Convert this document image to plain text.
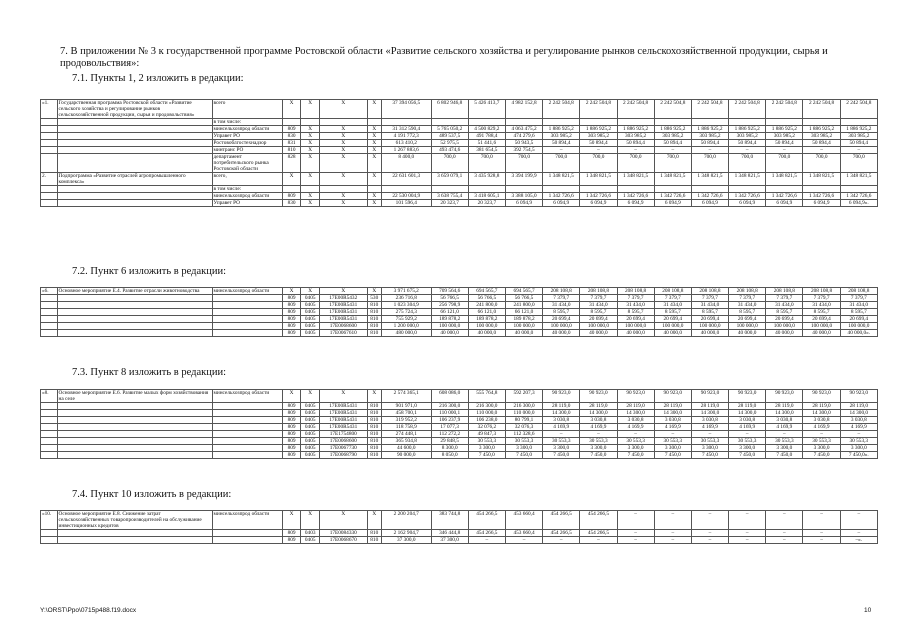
7. В приложении № 3 к государственной программе Ростовской области «Развитие сельского хозяйства и регулирование рынков сельскохозяйственной продукции, сырья и продовольствия»:
7.1. Пункты 1, 2 изложить в редакции:
«1.	Государственная программа Ростовской области «Развитие сельского хозяйства и регулирование рынков сельскохозяйственной продукции, сырья и продовольствия»	всего	X	X	X	X	37 394 056,5	6 802 946,8	5 426 413,7	4 982 152,8	2 242 504,8	2 242 504,8	2 242 504,8	2 242 504,8	2 242 504,8	2 242 504,8	2 242 504,8	2 242 504,8	2 242 504,8
		в том числе:																	
		минсельхозпрод области	809	X	X	X	31 312 590,4	5 765 050,2	4 500 829,2	4 063 475,2	1 886 925,2	1 886 925,2	1 886 925,2	1 886 925,2	1 886 925,2	1 886 925,2	1 886 925,2	1 886 925,2	1 886 925,2
		Управет РО	830	X	X	X	4 191 772,3	489 537,5	491 788,4	474 279,6	303 985,2	303 985,2	303 985,2	303 985,2	303 985,2	303 985,2	303 985,2	303 985,2	303 985,2
		Ростовоблгостехнадзор	831	X	X	X	613 410,2	52 975,5	51 441,6	50 943,5	50 894,4	50 894,4	50 894,4	50 894,4	50 894,4	50 894,4	50 894,4	50 894,4	50 894,4
		минтранс РО	810	X	X	X	1 267 883,6	493 474,6	381 654,5	392 754,5	–	–	–	–	–	–	–	–	–
		департамент потребительского рынка Ростовской области	828	X	X	X	8 400,0	700,0	700,0	700,0	700,0	700,0	700,0	700,0	700,0	700,0	700,0	700,0	700,0
2.	Подпрограмма «Развитие отраслей агропромышленного комплекса»	всего,	X	X	X	X	22 631 601,3	3 659 079,1	3 435 928,8	3 394 199,9	1 348 821,5	1 348 821,5	1 348 821,5	1 348 821,5	1 348 821,5	1 348 821,5	1 348 821,5	1 348 821,5	1 348 821,5
		в том числе:																	
		минсельхозпрод области	809	X	X	X	22 530 004,9	3 638 755,4	3 418 605,1	3 388 105,0	1 342 726,6	1 342 726,6	1 342 726,6	1 342 726,6	1 342 726,6	1 342 726,6	1 342 726,6	1 342 726,6	1 342 726,6
		Управет РО	830	X	X	X	101 596,4	20 323,7	20 323,7	6 094,9	6 094,9	6 094,9	6 094,9	6 094,9	6 094,9	6 094,9	6 094,9	6 094,9	6 094,9».
7.2. Пункт 6 изложить в редакции:
«6.	Основное мероприятие Е.4. Развитие отрасли животноводства	минсельхозпрод области	X	X	X	X	3 971 675,2	709 564,6	694 565,7	694 565,7	208 108,8	208 108,8	208 108,8	208 108,8	208 108,8	208 108,8	208 108,8	208 108,8	208 108,8
			809	0405	17Е00R5432	530	236 716,8	56 766,5	56 766,5	56 766,5	7 379,7	7 379,7	7 379,7	7 379,7	7 379,7	7 379,7	7 379,7	7 379,7	7 379,7
			809	0405	17Е00R5431	810	1 023 304,9	256 798,9	241 800,0	241 800,0	31 434,0	31 434,0	31 434,0	31 434,0	31 434,0	31 434,0	31 434,0	31 434,0	31 434,0
			809	0405	17Е00R5431	810	275 724,3	66 121,0	66 121,0	66 121,0	8 595,7	8 595,7	8 595,7	8 595,7	8 595,7	8 595,7	8 595,7	8 595,7	8 595,7
			809	0405	17Е00R5431	810	755 929,2	189 878,2	189 878,2	189 878,2	20 699,4	20 699,4	20 699,4	20 699,4	20 699,4	20 699,4	20 699,4	20 699,4	20 699,4
			809	0405	17Е0068600	810	1 200 000,0	100 000,0	100 000,0	100 000,0	100 000,0	100 000,0	100 000,0	100 000,0	100 000,0	100 000,0	100 000,0	100 000,0	100 000,0
			809	0405	17Е0067610	810	480 000,0	40 000,0	40 000,0	40 000,0	40 000,0	40 000,0	40 000,0	40 000,0	40 000,0	40 000,0	40 000,0	40 000,0	40 000,0».
7.3. Пункт 8 изложить в редакции:
«8.	Основное мероприятие Е.6. Развитие малых форм хозяйствования на селе	минсельхозпрод области	X	X	X	X	2 574 365,1	608 086,0	555 764,8	592 207,3	90 923,0	90 923,0	90 923,0	90 923,0	90 923,0	90 923,0	90 923,0	90 923,0	90 923,0
			809	0405	17Е00R5431	810	901 971,0	216 300,0	216 300,0	216 300,0	28 119,0	28 119,0	28 119,0	28 119,0	28 119,0	28 119,0	28 119,0	28 119,0	28 119,0
			809	0405	17Е00R5431	810	458 700,1	110 000,1	110 000,0	110 000,0	14 300,0	14 300,0	14 300,0	14 300,0	14 300,0	14 300,0	14 300,0	14 300,0	14 300,0
			809	0405	17Е00R5431	810	319 952,2	106 237,9	106 238,0	80 799,1	3 030,8	3 030,8	3 030,8	3 030,8	3 030,8	3 030,8	3 030,8	3 030,8	3 030,8
			809	0405	17Е00R5431	810	118 758,9	17 077,3	32 076,2	32 076,3	4 169,9	4 169,9	4 169,9	4 169,9	4 169,9	4 169,9	4 169,9	4 169,9	4 169,9
			809	0405	17Е1754800	810	274 448,1	112 272,2	49 847,3	112 328,6	–	–	–	–	–	–	–	–	–
			809	0405	17Е0068600	810	365 934,8	29 848,5	30 553,3	30 553,3	30 553,3	30 553,3	30 553,3	30 553,3	30 553,3	30 553,3	30 553,3	30 553,3	30 553,3
			809	0405	17Е0067730	810	44 600,0	8 300,0	3 300,0	3 300,0	3 300,0	3 300,0	3 300,0	3 300,0	3 300,0	3 300,0	3 300,0	3 300,0	3 300,0
			809	0405	17Е0068790	810	90 000,0	8 050,0	7 450,0	7 450,0	7 450,0	7 450,0	7 450,0	7 450,0	7 450,0	7 450,0	7 450,0	7 450,0	7 450,0».
7.4. Пункт 10 изложить в редакции:
«10.	Основное мероприятие Е.8. Снижение затрат сельскохозяйственных товаропроизводителей на обслуживание инвестиционных кредитов	минсельхозпрод области	X	X	X	X	2 200 204,7	383 744,8	454 266,5	453 660,4	454 266,5	454 266,5	–	–	–	–	–	–	–
			809	0403	17Е0084330	810	2 162 904,7	346 444,8	454 266,5	453 660,4	454 266,5	454 266,5	–	–	–	–	–	–	–
			809	0405	17Е0068670	810	37 300,0	37 300,0	–	–	–	–	–	–	–	–	–	–	–».
Y:\ORST\Ppo\0715p488.f19.docx	10
